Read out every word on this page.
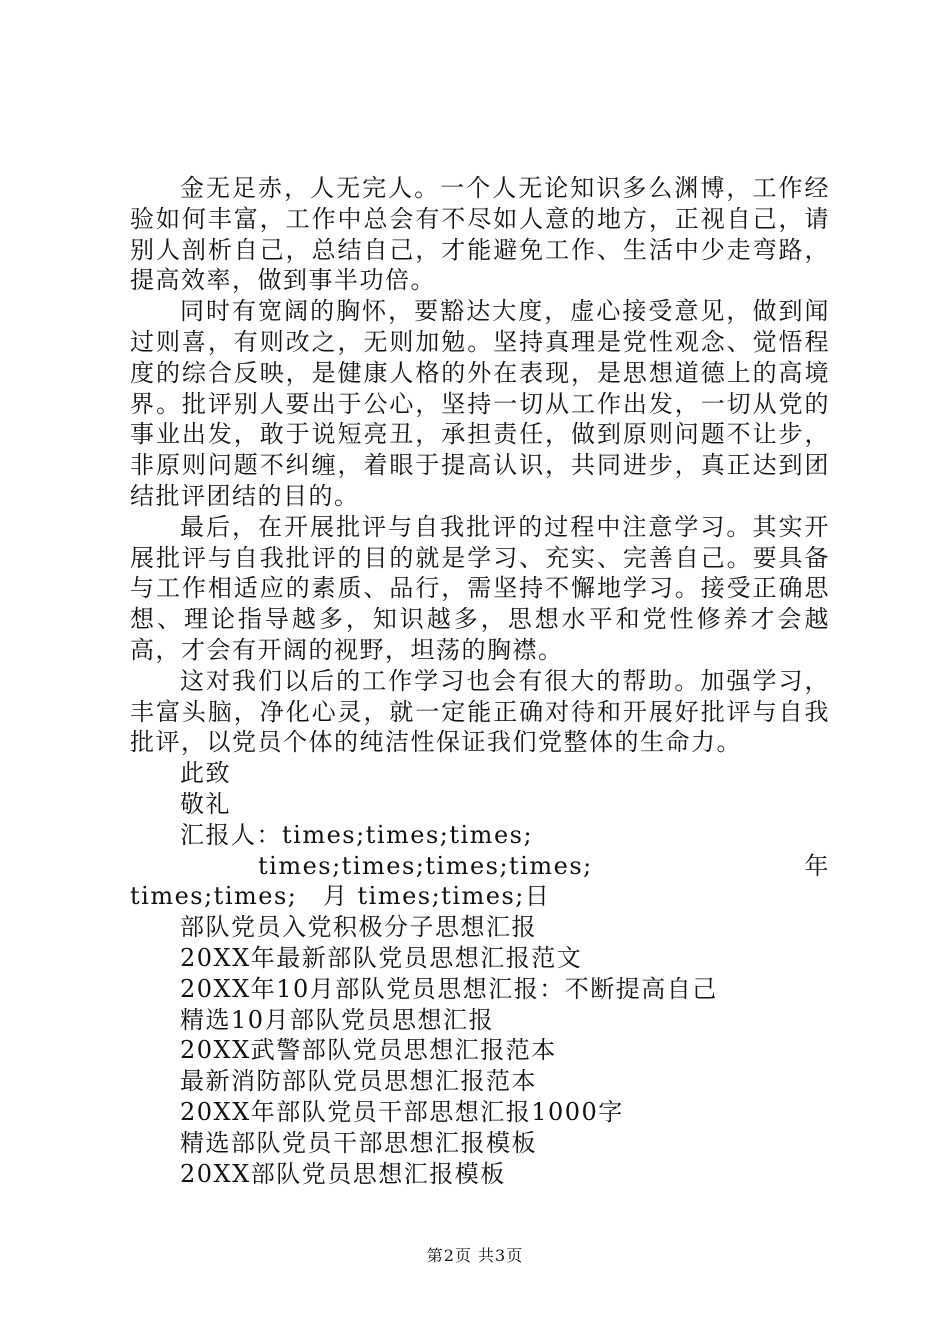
金无足赤，人无完人。一个人无论知识多么渊博，工作经验如何丰富，工作中总会有不尽如人意的地方，正视自己，请别人剖析自己，总结自己，才能避免工作、生活中少走弯路，提高效率，做到事半功倍。

同时有宽阔的胸怀，要豁达大度，虚心接受意见，做到闻过则喜，有则改之，无则加勉。坚持真理是党性观念、觉悟程度的综合反映，是健康人格的外在表现，是思想道德上的高境界。批评别人要出于公心，坚持一切从工作出发，一切从党的事业出发，敢于说短亮丑，承担责任，做到原则问题不让步，非原则问题不纠缠，着眼于提高认识，共同进步，真正达到团结批评团结的目的。

最后，在开展批评与自我批评的过程中注意学习。其实开展批评与自我批评的目的就是学习、充实、完善自己。要具备与工作相适应的素质、品行，需坚持不懈地学习。接受正确思想、理论指导越多，知识越多，思想水平和党性修养才会越高，才会有开阔的视野，坦荡的胸襟。

这对我们以后的工作学习也会有很大的帮助。加强学习，丰富头脑，净化心灵，就一定能正确对待和开展好批评与自我批评，以党员个体的纯洁性保证我们党整体的生命力。

此致

敬礼

汇报人：times;times;times;

times;times;times;times;　年　times;times;　月 times;times;日

部队党员入党积极分子思想汇报

20XX年最新部队党员思想汇报范文

20XX年10月部队党员思想汇报：不断提高自己

精选10月部队党员思想汇报

20XX武警部队党员思想汇报范本

最新消防部队党员思想汇报范本

20XX年部队党员干部思想汇报1000字

精选部队党员干部思想汇报模板

20XX部队党员思想汇报模板

第2页 共3页
